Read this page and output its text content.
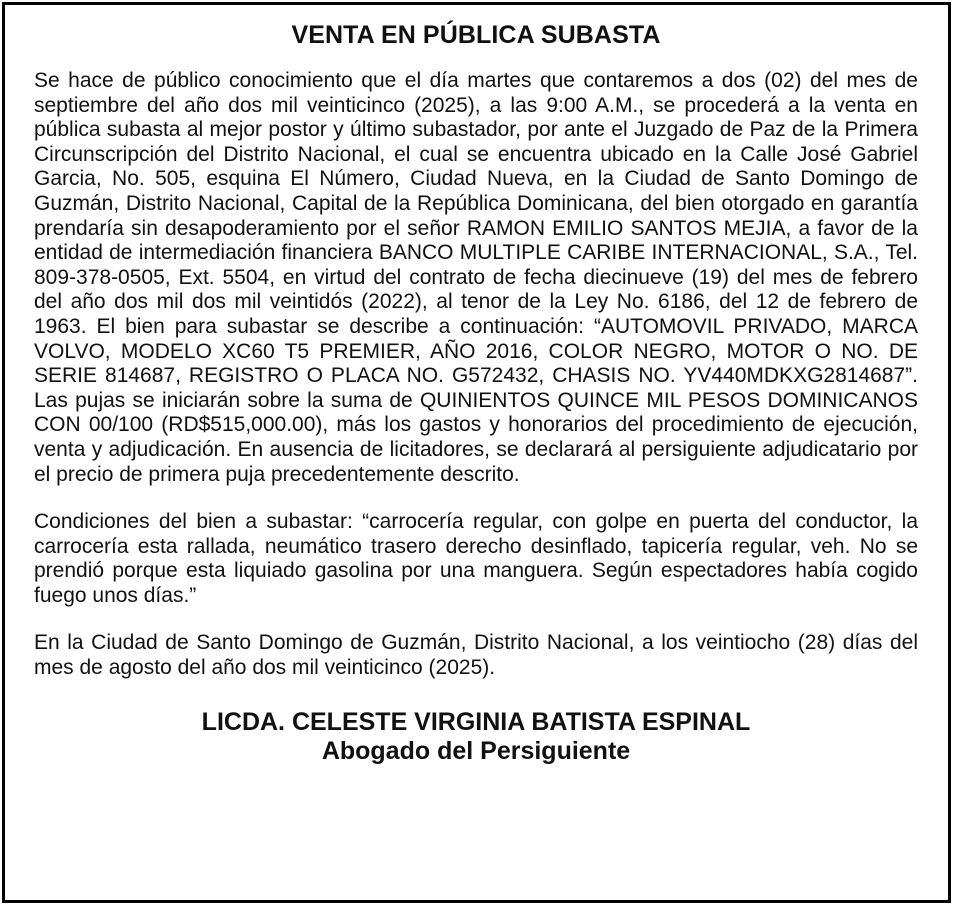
VENTA EN PÚBLICA SUBASTA

Se hace de público conocimiento que el día martes que contaremos a dos (02) del mes de septiembre del año dos mil veinticinco (2025), a las 9:00 A.M., se procederá a la venta en pública subasta al mejor postor y último subastador, por ante el Juzgado de Paz de la Primera Circunscripción del Distrito Nacional, el cual se encuentra ubicado en la Calle José Gabriel Garcia, No. 505, esquina El Número, Ciudad Nueva, en la Ciudad de Santo Domingo de Guzmán, Distrito Nacional, Capital de la República Dominicana, del bien otorgado en garantía prendaría sin desapoderamiento por el señor RAMON EMILIO SANTOS MEJIA, a favor de la entidad de intermediación financiera BANCO MULTIPLE CARIBE INTERNACIONAL, S.A., Tel. 809-378-0505, Ext. 5504, en virtud del contrato de fecha diecinueve (19) del mes de febrero del año dos mil dos mil veintidós (2022), al tenor de la Ley No. 6186, del 12 de febrero de 1963. El bien para subastar se describe a continuación: “AUTOMOVIL PRIVADO, MARCA VOLVO, MODELO XC60 T5 PREMIER, AÑO 2016, COLOR NEGRO, MOTOR O NO. DE SERIE 814687, REGISTRO O PLACA NO. G572432, CHASIS NO. YV440MDKXG2814687”. Las pujas se iniciarán sobre la suma de QUINIENTOS QUINCE MIL PESOS DOMINICANOS CON 00/100 (RD$515,000.00), más los gastos y honorarios del procedimiento de ejecución, venta y adjudicación. En ausencia de licitadores, se declarará al persiguiente adjudicatario por el precio de primera puja precedentemente descrito.

Condiciones del bien a subastar: “carrocería regular, con golpe en puerta del conductor, la carrocería esta rallada, neumático trasero derecho desinflado, tapicería regular, veh. No se prendió porque esta liquiado gasolina por una manguera. Según espectadores había cogido fuego unos días.”

En la Ciudad de Santo Domingo de Guzmán, Distrito Nacional, a los veintiocho (28) días del mes de agosto del año dos mil veinticinco (2025).

LICDA. CELESTE VIRGINIA BATISTA ESPINAL
Abogado del Persiguiente
